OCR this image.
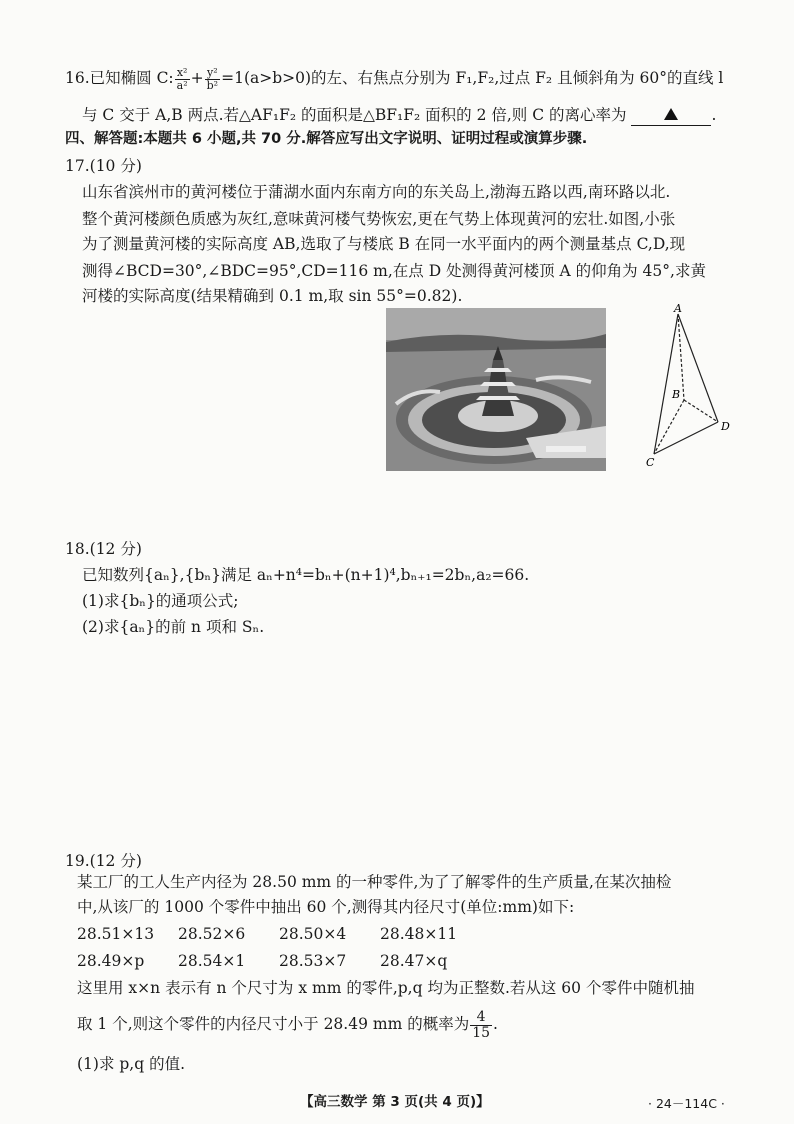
16.已知椭圆 C: $\frac{\text{x²}}{\text{a²}} + \frac{\text{y²}}{\text{b²}} =1(a>b>0)$的左、右焦点分别为 F₁,F₂,过点 F₂ 且倾斜角为 60°的直线 l
与 C 交于 A,B 两点.若△AF₁F₂ 的面积是△BF₁F₂ 面积的 2 倍,则 C 的离心率为	.
四、解答题:本题共 6 小题,共 70 分.解答应写出文字说明、证明过程或演算步骤.
17.(10 分)
山东省滨州市的黄河楼位于蒲湖水面内东南方向的东关岛上,渤海五路以西,南环路以北.
整个黄河楼颜色质感为灰红,意味黄河楼气势恢宏,更在气势上体现黄河的宏壮.如图,小张
为了测量黄河楼的实际高度 AB,选取了与楼底 B 在同一水平面内的两个测量基点 C,D,现
测得∠BCD=30°,∠BDC=95°,CD=116 m,在点 D 处测得黄河楼顶 A 的仰角为 45°,求黄
河楼的实际高度(结果精确到 0.1 m,取 sin 55°=0.82).
A
B
C
D
18.(12 分)
已知数列{aₙ},{bₙ}满足 aₙ+n⁴=bₙ+(n+1)⁴,bₙ₊₁=2bₙ,a₂=66.
(1)求{bₙ}的通项公式;
(2)求{aₙ}的前 n 项和 Sₙ.
19.(12 分)
某工厂的工人生产内径为 28.50 mm 的一种零件,为了了解零件的生产质量,在某次抽检
中,从该厂的 1000 个零件中抽出 60 个,测得其内径尺寸(单位:mm)如下:
28.51×13 28.52×6 28.50×4 28.48×11
28.49×p 28.54×1 28.53×7 28.47×q
这里用 x×n 表示有 n 个尺寸为 x mm 的零件,p,q 均为正整数.若从这 60 个零件中随机抽
取 1 个,则这个零件的内径尺寸小于 28.49 mm 的概率为 $\frac{4}{15}$ .
(1)求 p,q 的值.
【高三数学 第 3 页(共 4 页)】	· 24－114C ·
